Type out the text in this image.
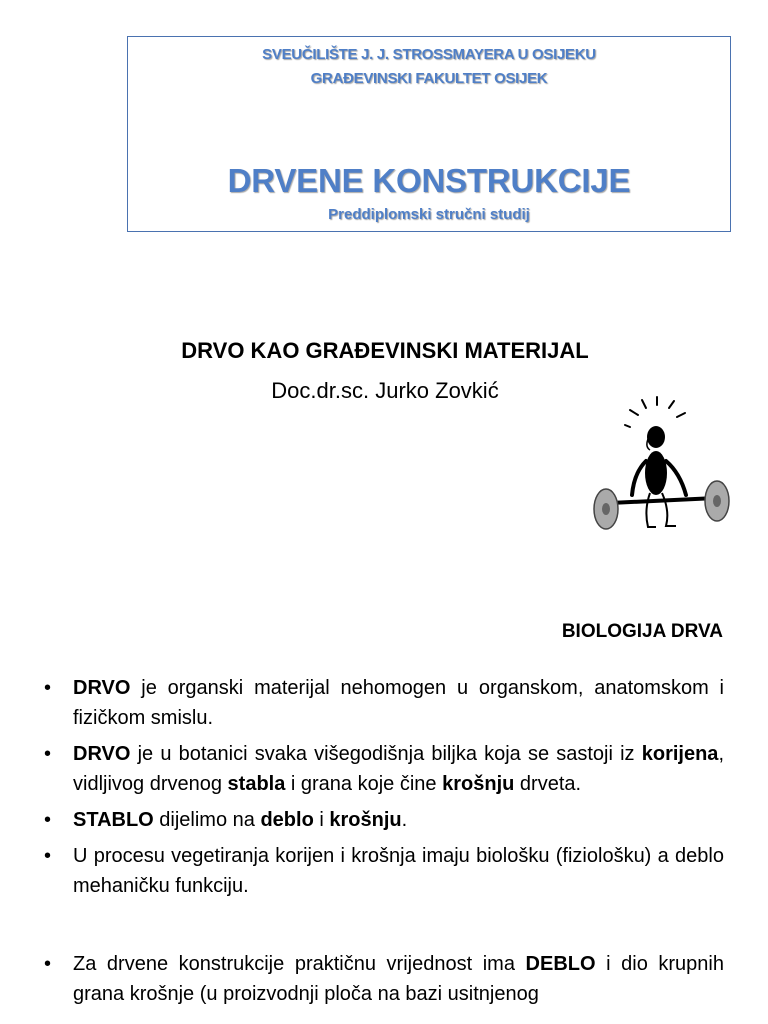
SVEUČILIŠTE J. J. STROSSMAYERA U OSIJEKU
GRAĐEVINSKI FAKULTET OSIJEK
DRVENE KONSTRUKCIJE
Preddiplomski stručni studij
DRVO KAO GRAĐEVINSKI MATERIJAL
Doc.dr.sc. Jurko Zovkić
BIOLOGIJA DRVA
• DRVO je organski materijal nehomogen u organskom, anatomskom i fizičkom smislu.
• DRVO je u botanici svaka višegodišnja biljka koja se sastoji iz korijena, vidljivog drvenog stabla i grana koje čine krošnju drveta.
• STABLO dijelimo na deblo i krošnju.
• U procesu vegetiranja korijen i krošnja imaju biološku (fiziološku) a deblo mehaničku funkciju.
• Za drvene konstrukcije praktičnu vrijednost ima DEBLO i dio krupnih grana krošnje (u proizvodnji ploča na bazi usitnjenog
